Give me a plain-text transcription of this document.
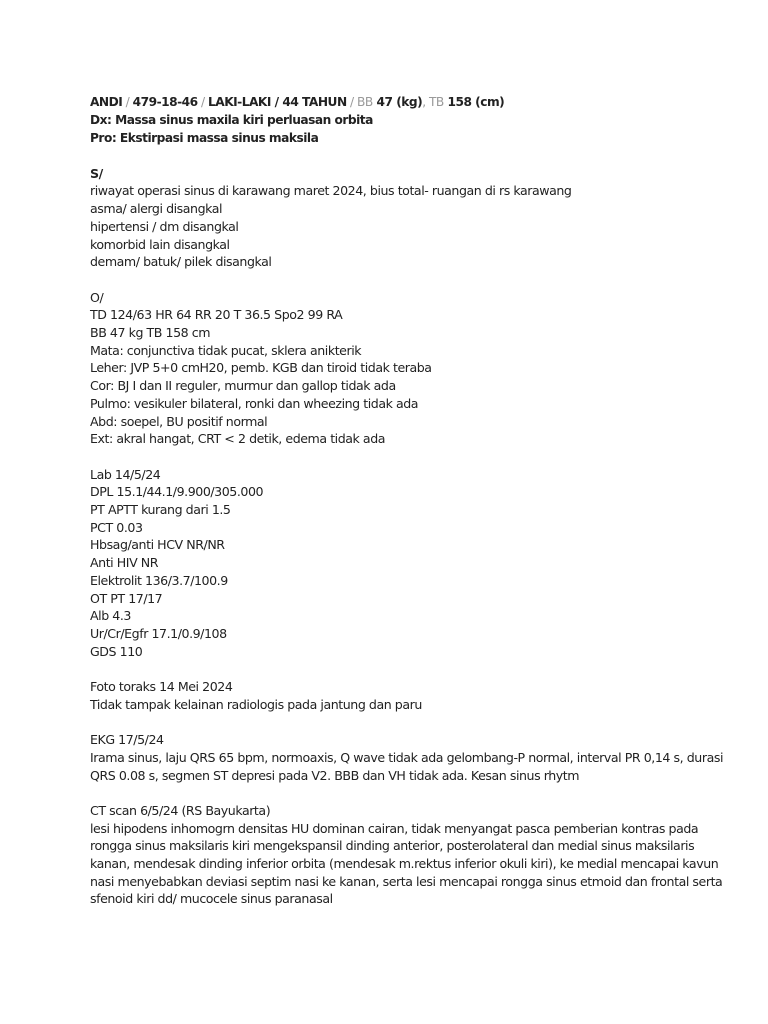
ANDI / 479-18-46 / LAKI-LAKI / 44 TAHUN / BB 47 (kg), TB 158 (cm)
Dx: Massa sinus maxila kiri perluasan orbita
Pro: Ekstirpasi massa sinus maksila
S/
riwayat operasi sinus di karawang maret 2024, bius total- ruangan di rs karawang
asma/ alergi disangkal
hipertensi / dm disangkal
komorbid lain disangkal
demam/ batuk/ pilek disangkal
O/
TD 124/63 HR 64 RR 20 T 36.5 Spo2 99 RA
BB 47 kg TB 158 cm
Mata: conjunctiva tidak pucat, sklera anikterik
Leher: JVP 5+0 cmH20, pemb. KGB dan tiroid tidak teraba
Cor: BJ I dan II reguler, murmur dan gallop tidak ada
Pulmo: vesikuler bilateral, ronki dan wheezing tidak ada
Abd: soepel, BU positif normal
Ext: akral hangat, CRT < 2 detik, edema tidak ada
Lab 14/5/24
DPL 15.1/44.1/9.900/305.000
PT APTT kurang dari 1.5
PCT 0.03
Hbsag/anti HCV NR/NR
Anti HIV NR
Elektrolit 136/3.7/100.9
OT PT 17/17
Alb 4.3
Ur/Cr/Egfr 17.1/0.9/108
GDS 110
Foto toraks 14 Mei 2024
Tidak tampak kelainan radiologis pada jantung dan paru
EKG 17/5/24
Irama sinus, laju QRS 65 bpm, normoaxis, Q wave tidak ada gelombang-P normal, interval PR 0,14 s, durasi QRS 0.08 s, segmen ST depresi pada V2. BBB dan VH tidak ada. Kesan sinus rhytm
CT scan 6/5/24 (RS Bayukarta)
lesi hipodens inhomogrn densitas HU dominan cairan, tidak menyangat pasca pemberian kontras pada rongga sinus maksilaris kiri mengekspansil dinding anterior, posterolateral dan medial sinus maksilaris kanan, mendesak dinding inferior orbita (mendesak m.rektus inferior okuli kiri), ke medial mencapai kavun nasi menyebabkan deviasi septim nasi ke kanan, serta lesi mencapai rongga sinus etmoid dan frontal serta sfenoid kiri dd/ mucocele sinus paranasal
